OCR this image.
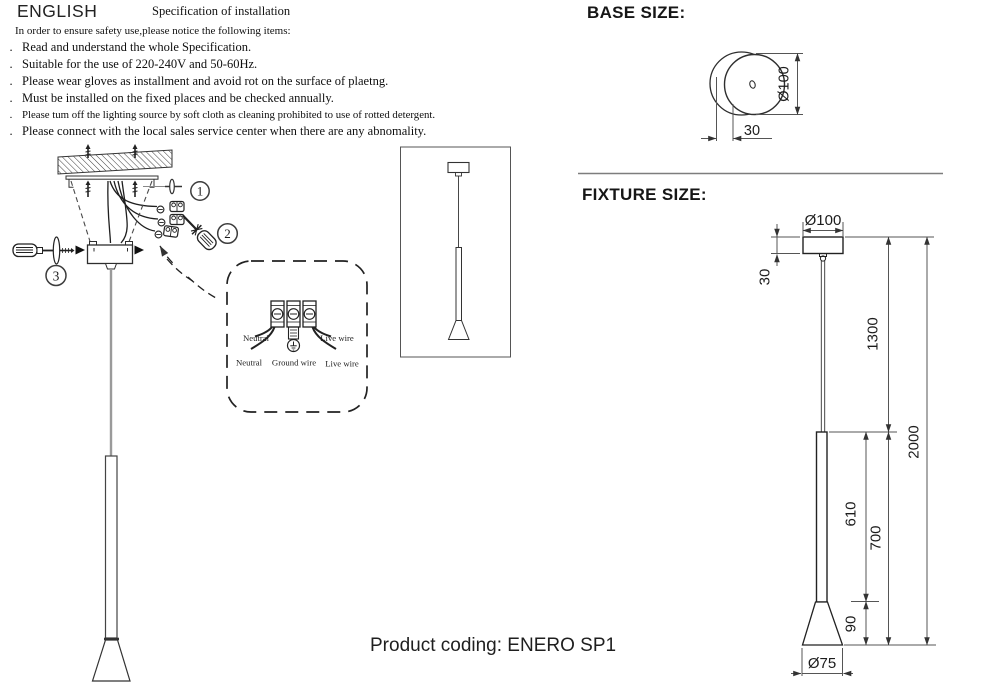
ENGLISH	Specification of installation
In order to ensure safety use,please notice the following items:
. Read and understand the whole Specification.
. Suitable for the use of 220-240V and 50-60Hz.
. Please wear gloves as installment and avoid rot on the surface of plaetng.
. Must be installed on the fixed places and be checked annually.
. Please tum off the lighting source by soft cloth as cleaning prohibited to use of rotted detergent.
. Please connect with the local sales service center when there are any abnomality.
BASE SIZE:
FIXTURE SIZE:
Product coding: ENERO SP1
1
2
3
Neutral	Live wire
Neutral Ground wire Live wire
Ø100
30
Ø100
30
1300
700
610
90
2000
Ø75
